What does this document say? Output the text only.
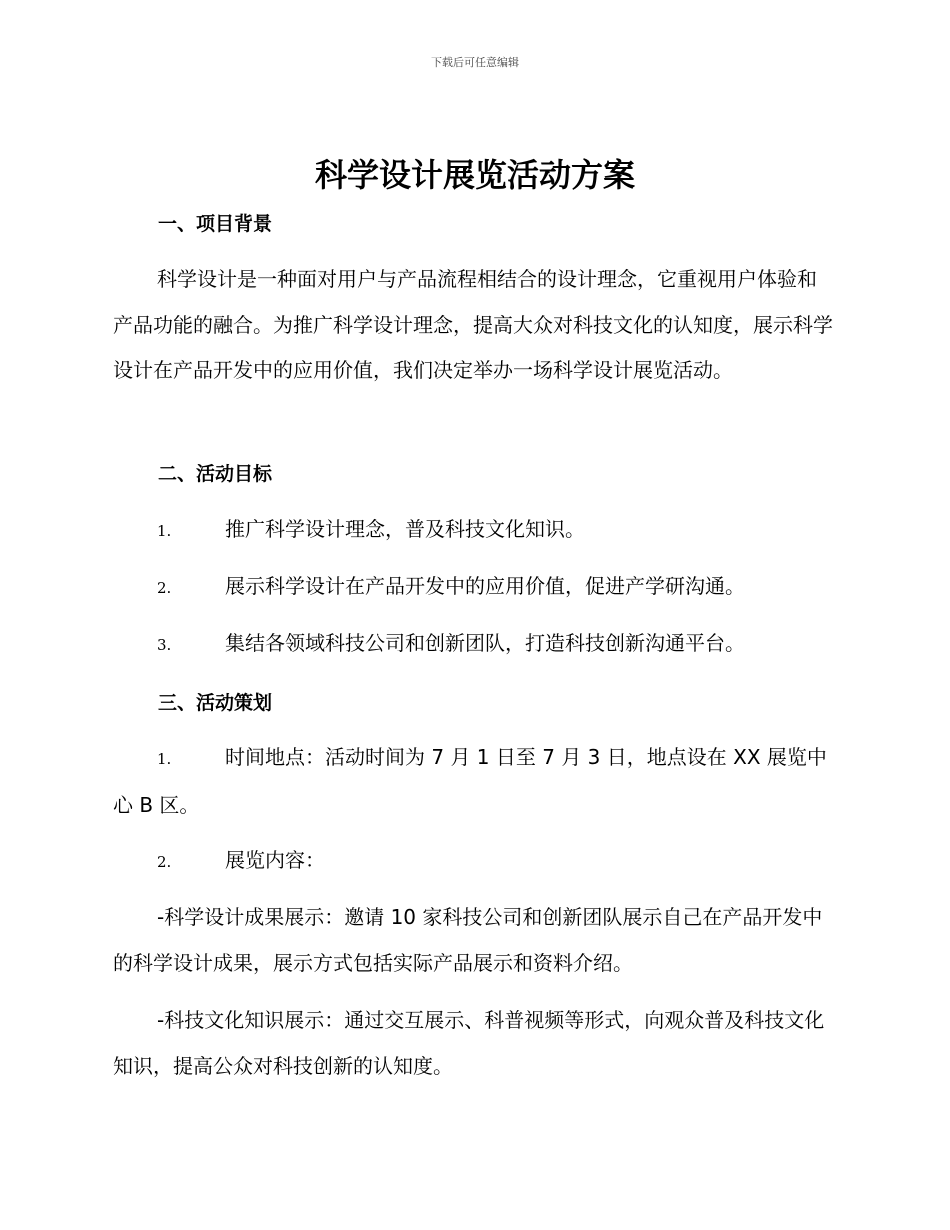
下载后可任意编辑
科学设计展览活动方案
一、项目背景

科学设计是一种面对用户与产品流程相结合的设计理念，它重视用户体验和产品功能的融合。为推广科学设计理念，提高大众对科技文化的认知度，展示科学设计在产品开发中的应用价值，我们决定举办一场科学设计展览活动。

二、活动目标

1.	推广科学设计理念，普及科技文化知识。

2.	展示科学设计在产品开发中的应用价值，促进产学研沟通。

3.	集结各领域科技公司和创新团队，打造科技创新沟通平台。

三、活动策划

1.	时间地点：活动时间为 7 月 1 日至 7 月 3 日，地点设在 XX 展览中心 B 区。

2.	展览内容：

-科学设计成果展示：邀请 10 家科技公司和创新团队展示自己在产品开发中的科学设计成果，展示方式包括实际产品展示和资料介绍。

-科技文化知识展示：通过交互展示、科普视频等形式，向观众普及科技文化知识，提高公众对科技创新的认知度。
